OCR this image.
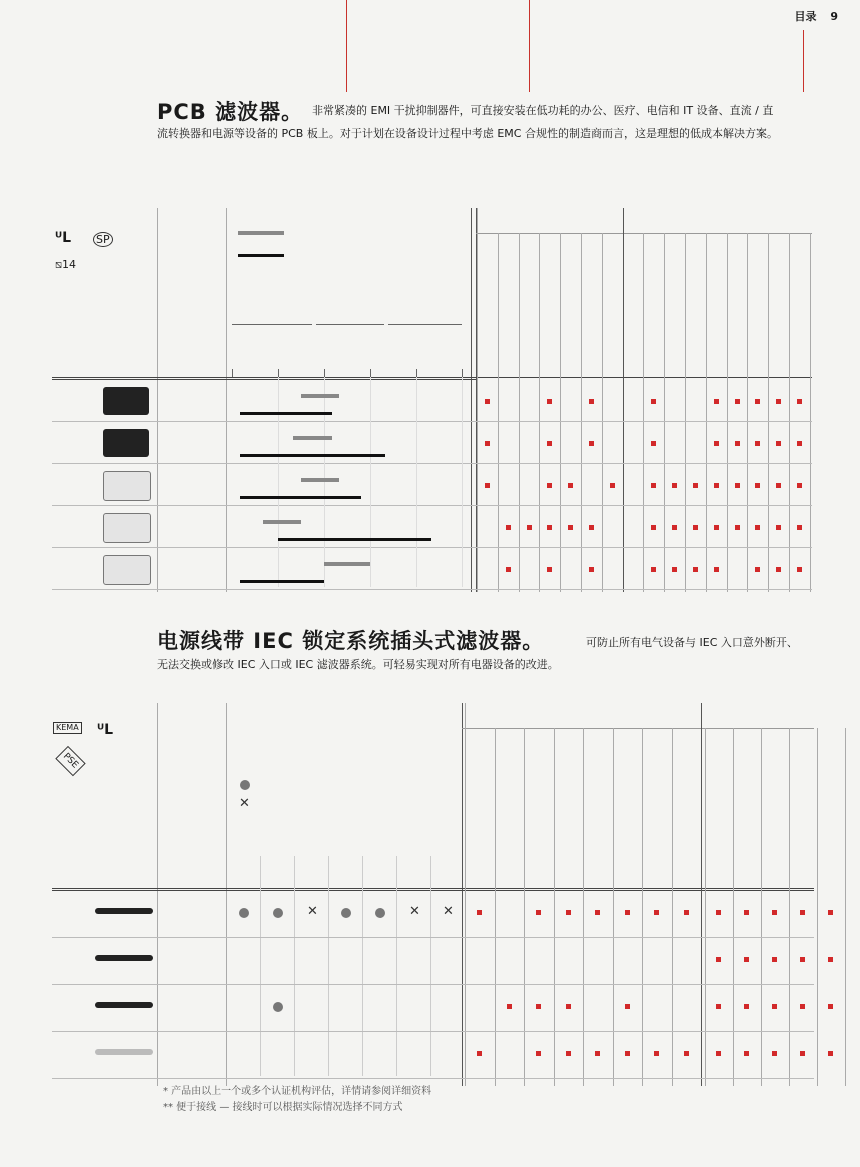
目录 9
PCB 滤波器。 非常紧凑的 EMI 干扰抑制器件，可直接安装在低功耗的办公、医疗、电信和 IT 设备、直流 / 直
流转换器和电源等设备的 PCB 板上。对于计划在设备设计过程中考虑 EMC 合规性的制造商而言，这是理想的低成本解决方案。
ᵁL SP
⧅14
电源线带 IEC 锁定系统插头式滤波器。	可防止所有电气设备与 IEC 入口意外断开、
无法交换或修改 IEC 入口或 IEC 滤波器系统。可轻易实现对所有电器设备的改进。
KEMA ᵁL
PSE
✕
✕	✕ ✕
* 产品由以上一个或多个认证机构评估，详情请参阅详细资料
** 便于接线 — 接线时可以根据实际情况选择不同方式
